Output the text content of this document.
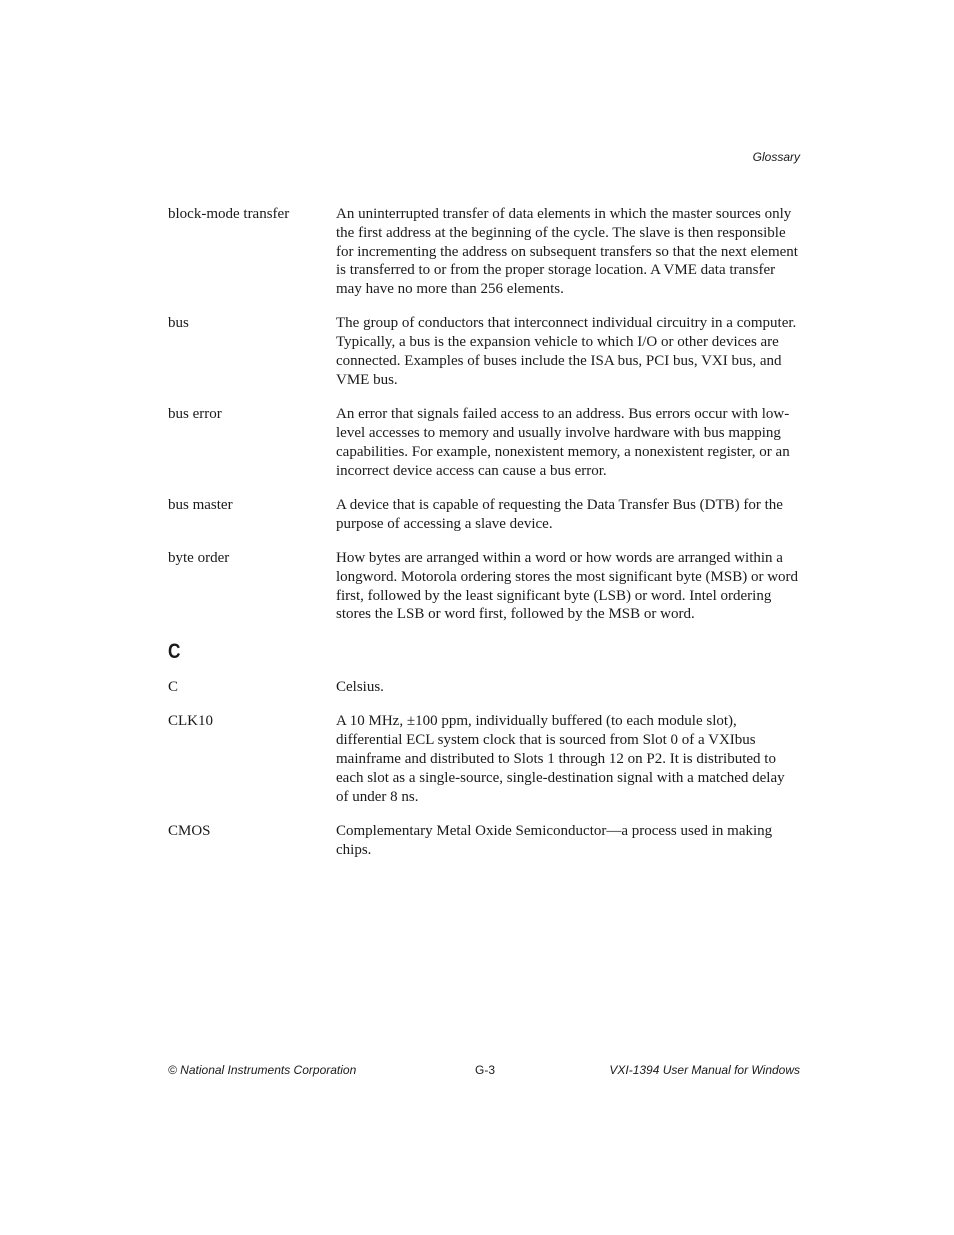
Glossary
block-mode transfer	An uninterrupted transfer of data elements in which the master sources only the first address at the beginning of the cycle. The slave is then responsible for incrementing the address on subsequent transfers so that the next element is transferred to or from the proper storage location. A VME data transfer may have no more than 256 elements.
bus	The group of conductors that interconnect individual circuitry in a computer. Typically, a bus is the expansion vehicle to which I/O or other devices are connected. Examples of buses include the ISA bus, PCI bus, VXI bus, and VME bus.
bus error	An error that signals failed access to an address. Bus errors occur with low-level accesses to memory and usually involve hardware with bus mapping capabilities. For example, nonexistent memory, a nonexistent register, or an incorrect device access can cause a bus error.
bus master	A device that is capable of requesting the Data Transfer Bus (DTB) for the purpose of accessing a slave device.
byte order	How bytes are arranged within a word or how words are arranged within a longword. Motorola ordering stores the most significant byte (MSB) or word first, followed by the least significant byte (LSB) or word. Intel ordering stores the LSB or word first, followed by the MSB or word.
C
C	Celsius.
CLK10	A 10 MHz, ±100 ppm, individually buffered (to each module slot), differential ECL system clock that is sourced from Slot 0 of a VXIbus mainframe and distributed to Slots 1 through 12 on P2. It is distributed to each slot as a single-source, single-destination signal with a matched delay of under 8 ns.
CMOS	Complementary Metal Oxide Semiconductor—a process used in making chips.
© National Instruments Corporation	G-3	VXI-1394 User Manual for Windows
